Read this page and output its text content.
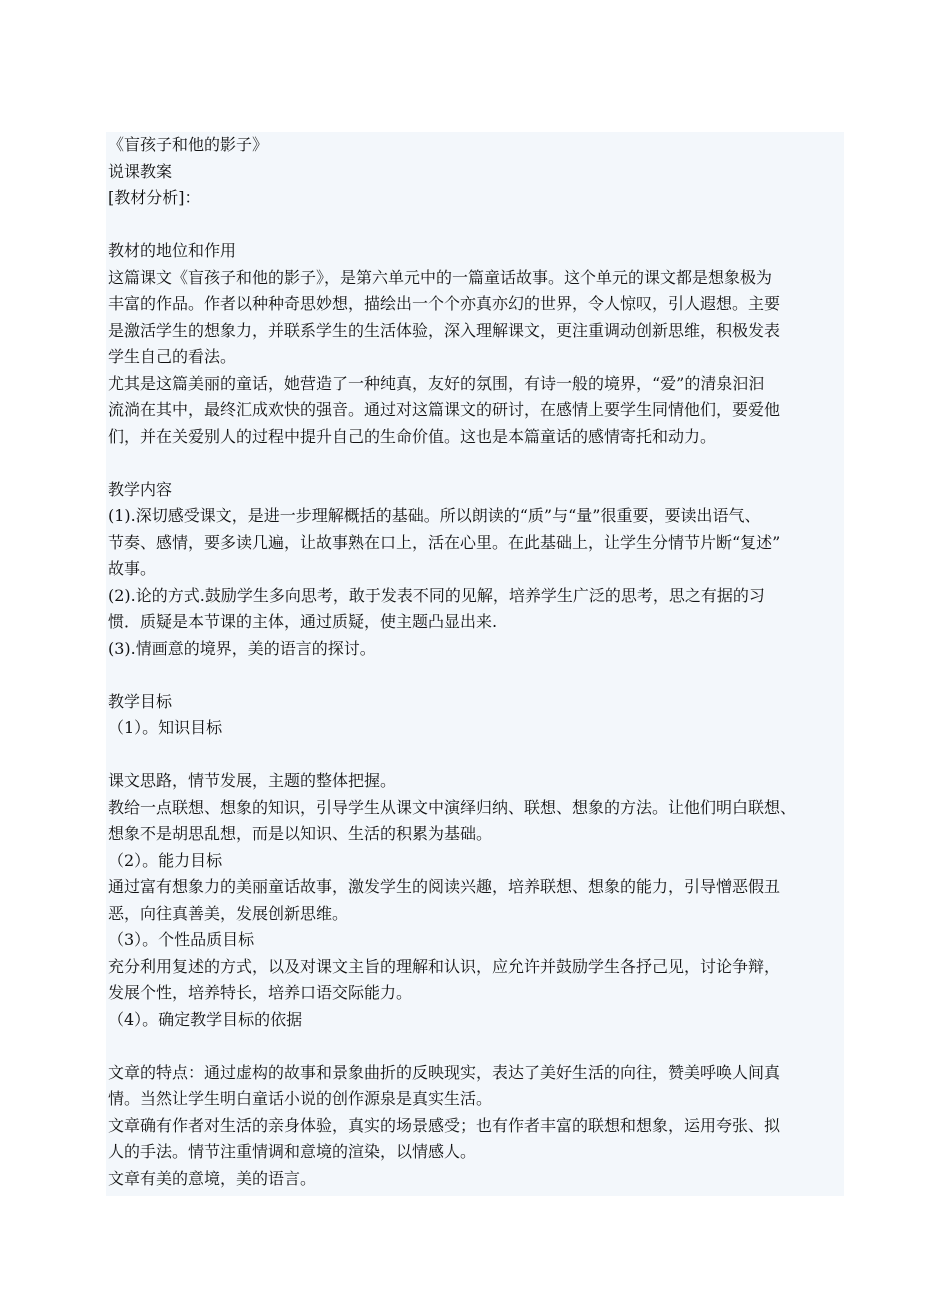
《盲孩子和他的影子》
说课教案
[教材分析]：
教材的地位和作用
这篇课文《盲孩子和他的影子》，是第六单元中的一篇童话故事。这个单元的课文都是想象极为
丰富的作品。作者以种种奇思妙想，描绘出一个个亦真亦幻的世界，令人惊叹，引人遐想。主要
是激活学生的想象力，并联系学生的生活体验，深入理解课文，更注重调动创新思维，积极发表
学生自己的看法。
尤其是这篇美丽的童话，她营造了一种纯真，友好的氛围，有诗一般的境界，“爱”的清泉汩汩
流淌在其中，最终汇成欢快的强音。通过对这篇课文的研讨，在感情上要学生同情他们，要爱他
们，并在关爱别人的过程中提升自己的生命价值。这也是本篇童话的感情寄托和动力。
教学内容
(1).深切感受课文，是进一步理解概括的基础。所以朗读的“质”与“量”很重要，要读出语气、
节奏、感情，要多读几遍，让故事熟在口上，活在心里。在此基础上，让学生分情节片断“复述”
故事。
(2).论的方式.鼓励学生多向思考，敢于发表不同的见解，培养学生广泛的思考，思之有据的习
惯．质疑是本节课的主体，通过质疑，使主题凸显出来.
(3).情画意的境界，美的语言的探讨。
教学目标
（1）。知识目标
课文思路，情节发展，主题的整体把握。
教给一点联想、想象的知识，引导学生从课文中演绎归纳、联想、想象的方法。让他们明白联想、
想象不是胡思乱想，而是以知识、生活的积累为基础。
（2）。能力目标
通过富有想象力的美丽童话故事，激发学生的阅读兴趣，培养联想、想象的能力，引导憎恶假丑
恶，向往真善美，发展创新思维。
（3）。个性品质目标
充分利用复述的方式，以及对课文主旨的理解和认识，应允许并鼓励学生各抒己见，讨论争辩，
发展个性，培养特长，培养口语交际能力。
（4）。确定教学目标的依据
文章的特点：通过虚构的故事和景象曲折的反映现实，表达了美好生活的向往，赞美呼唤人间真
情。当然让学生明白童话小说的创作源泉是真实生活。
文章确有作者对生活的亲身体验，真实的场景感受；也有作者丰富的联想和想象，运用夸张、拟
人的手法。情节注重情调和意境的渲染，以情感人。
文章有美的意境，美的语言。
